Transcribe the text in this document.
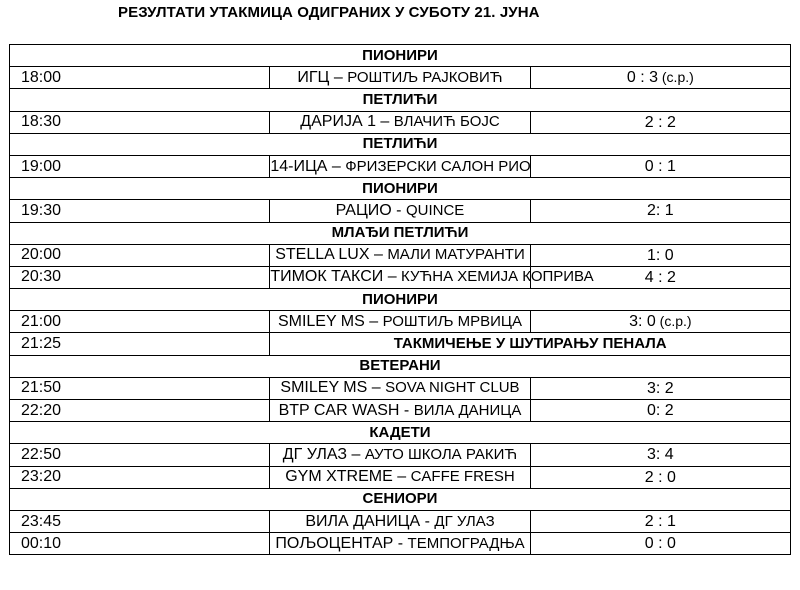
РЕЗУЛТАТИ УТАКМИЦА ОДИГРАНИХ У СУБОТУ 21. ЈУНА
ПИОНИРИ		
18:00	ИГЦ – РОШТИЉ РАЈКОВИЋ	0 : 3 (с.р.)
ПЕТЛИЋИ		
18:30	ДАРИЈА 1 – ВЛАЧИЋ БОЈС	2 : 2
ПЕТЛИЋИ		
19:00	14-ИЦА – ФРИЗЕРСКИ САЛОН РИО	0 : 1
ПИОНИРИ		
19:30	РАЦИО - QUINCE	2: 1
МЛАЂИ ПЕТЛИЋИ		
20:00	STELLA LUX – МАЛИ МАТУРАНТИ	1: 0
20:30	ТИМОК ТАКСИ – КУЋНА ХЕМИЈА КОПРИВА	4 : 2
ПИОНИРИ		
21:00	SMILEY MS – РОШТИЉ МРВИЦА	3: 0 (с.р.)
21:25	ТАКМИЧЕЊЕ У ШУТИРАЊУ ПЕНАЛА	
ВЕТЕРАНИ		
21:50	SMILEY MS – SOVA NIGHT CLUB	3: 2
22:20	BTP CAR WASH - ВИЛА ДАНИЦА	0: 2
КАДЕТИ		
22:50	ДГ УЛАЗ – АУТО ШКОЛА РАКИЋ	3: 4
23:20	GYM XTREME – CAFFE FRESH	2 : 0
СЕНИОРИ		
23:45	ВИЛА ДАНИЦА - ДГ УЛАЗ	2 : 1
00:10	ПОЉОЦЕНТАР - ТЕМПОГРАДЊА	0 : 0
